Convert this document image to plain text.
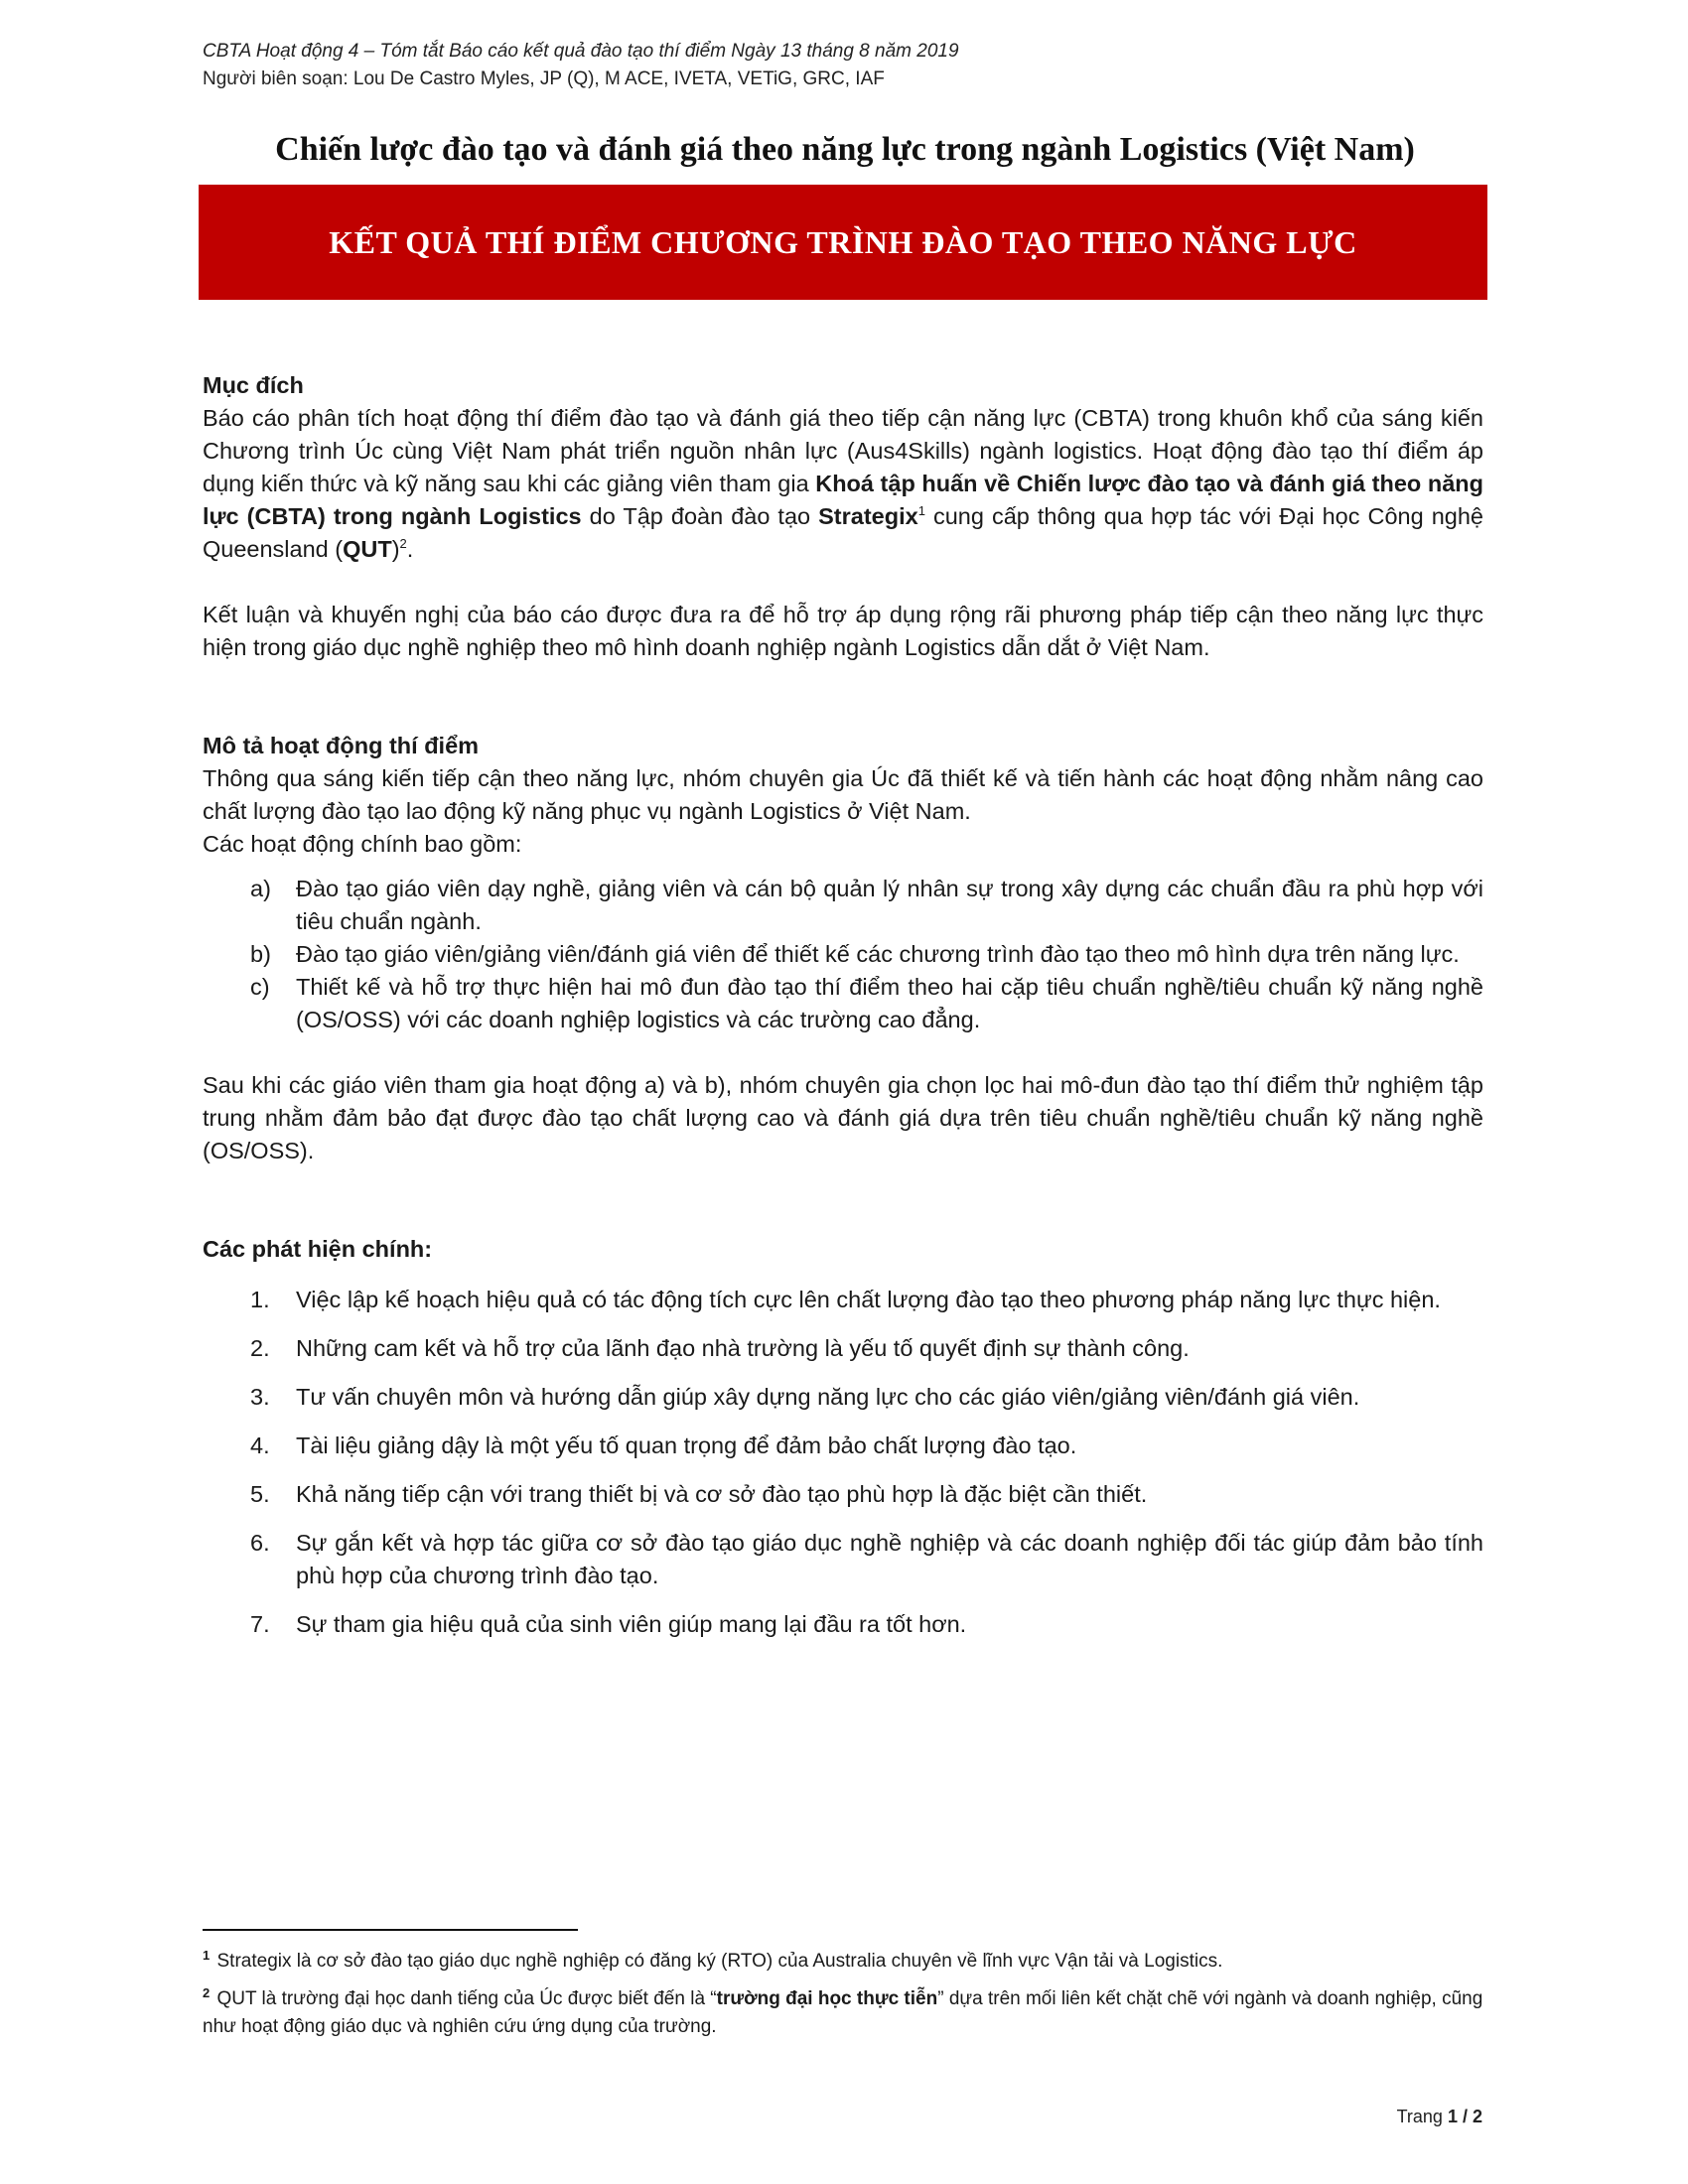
CBTA Hoạt động 4 – Tóm tắt Báo cáo kết quả đào tạo thí điểm Ngày 13 tháng 8 năm 2019
Người biên soạn: Lou De Castro Myles, JP (Q), M ACE, IVETA, VETiG, GRC, IAF
Chiến lược đào tạo và đánh giá theo năng lực trong ngành Logistics (Việt Nam)
KẾT QUẢ THÍ ĐIỂM CHƯƠNG TRÌNH ĐÀO TẠO THEO NĂNG LỰC

Mục đích

Báo cáo phân tích hoạt động thí điểm đào tạo và đánh giá theo tiếp cận năng lực (CBTA) trong khuôn khổ của sáng kiến Chương trình Úc cùng Việt Nam phát triển nguồn nhân lực (Aus4Skills) ngành logistics. Hoạt động đào tạo thí điểm áp dụng kiến thức và kỹ năng sau khi các giảng viên tham gia Khoá tập huấn về Chiến lược đào tạo và đánh giá theo năng lực (CBTA) trong ngành Logistics do Tập đoàn đào tạo Strategix$^1$ cung cấp thông qua hợp tác với Đại học Công nghệ Queensland (QUT)$^2$.

Kết luận và khuyến nghị của báo cáo được đưa ra để hỗ trợ áp dụng rộng rãi phương pháp tiếp cận theo năng lực thực hiện trong giáo dục nghề nghiệp theo mô hình doanh nghiệp ngành Logistics dẫn dắt ở Việt Nam.

Mô tả hoạt động thí điểm

Thông qua sáng kiến tiếp cận theo năng lực, nhóm chuyên gia Úc đã thiết kế và tiến hành các hoạt động nhằm nâng cao chất lượng đào tạo lao động kỹ năng phục vụ ngành Logistics ở Việt Nam.

Các hoạt động chính bao gồm:

a) Đào tạo giáo viên dạy nghề, giảng viên và cán bộ quản lý nhân sự trong xây dựng các chuẩn đầu ra phù hợp với tiêu chuẩn ngành.
b) Đào tạo giáo viên/giảng viên/đánh giá viên để thiết kế các chương trình đào tạo theo mô hình dựa trên năng lực.
c) Thiết kế và hỗ trợ thực hiện hai mô đun đào tạo thí điểm theo hai cặp tiêu chuẩn nghề/tiêu chuẩn kỹ năng nghề (OS/OSS) với các doanh nghiệp logistics và các trường cao đẳng.

Sau khi các giáo viên tham gia hoạt động a) và b), nhóm chuyên gia chọn lọc hai mô-đun đào tạo thí điểm thử nghiệm tập trung nhằm đảm bảo đạt được đào tạo chất lượng cao và đánh giá dựa trên tiêu chuẩn nghề/tiêu chuẩn kỹ năng nghề (OS/OSS).

Các phát hiện chính:

1. Việc lập kế hoạch hiệu quả có tác động tích cực lên chất lượng đào tạo theo phương pháp năng lực thực hiện.
2. Những cam kết và hỗ trợ của lãnh đạo nhà trường là yếu tố quyết định sự thành công.
3. Tư vấn chuyên môn và hướng dẫn giúp xây dựng năng lực cho các giáo viên/giảng viên/đánh giá viên.
4. Tài liệu giảng dậy là một yếu tố quan trọng để đảm bảo chất lượng đào tạo.
5. Khả năng tiếp cận với trang thiết bị và cơ sở đào tạo phù hợp là đặc biệt cần thiết.
6. Sự gắn kết và hợp tác giữa cơ sở đào tạo giáo dục nghề nghiệp và các doanh nghiệp đối tác giúp đảm bảo tính phù hợp của chương trình đào tạo.
7. Sự tham gia hiệu quả của sinh viên giúp mang lại đầu ra tốt hơn.

$^1$ Strategix là cơ sở đào tạo giáo dục nghề nghiệp có đăng ký (RTO) của Australia chuyên về lĩnh vực Vận tải và Logistics.

$^2$ QUT là trường đại học danh tiếng của Úc được biết đến là “trường đại học thực tiễn” dựa trên mối liên kết chặt chẽ với ngành và doanh nghiệp, cũng như hoạt động giáo dục và nghiên cứu ứng dụng của trường.

Trang 1 / 2
